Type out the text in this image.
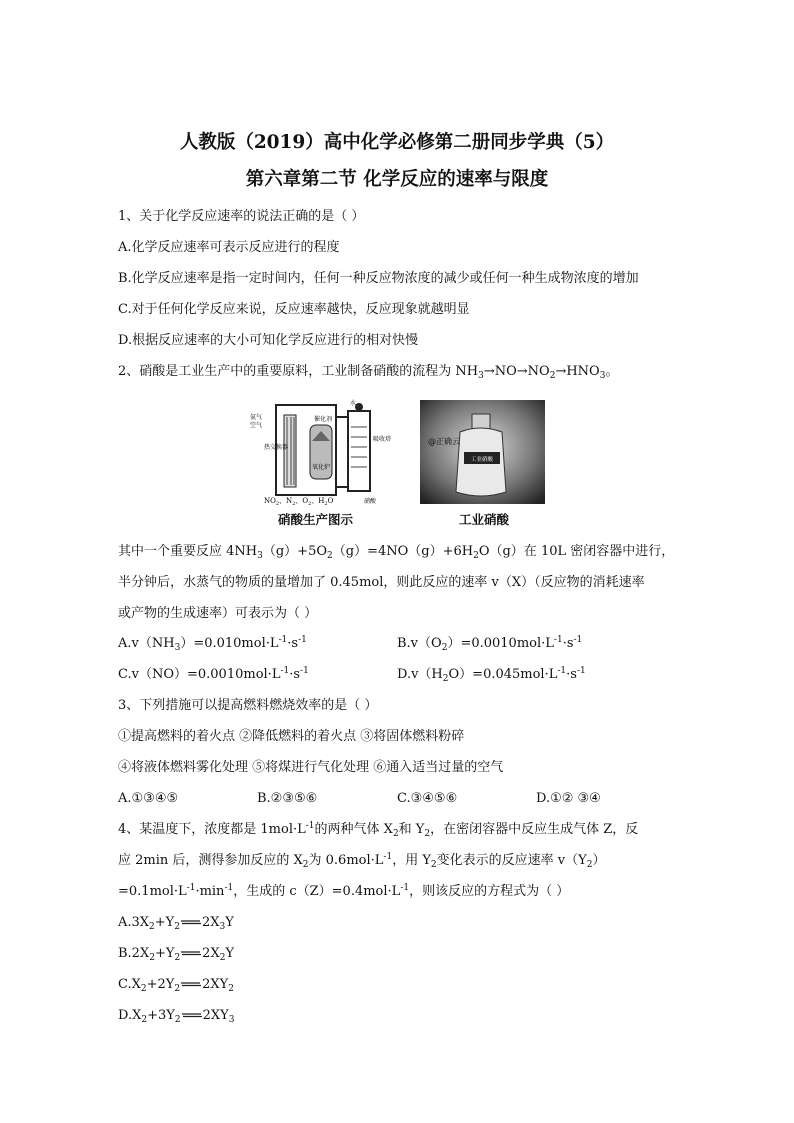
人教版（2019）高中化学必修第二册同步学典（5）
第六章第二节 化学反应的速率与限度
1、关于化学反应速率的说法正确的是（ ）
A.化学反应速率可表示反应进行的程度
B.化学反应速率是指一定时间内，任何一种反应物浓度的减少或任何一种生成物浓度的增加
C.对于任何化学反应来说，反应速率越快，反应现象就越明显
D.根据反应速率的大小可知化学反应进行的相对快慢
2、硝酸是工业生产中的重要原料，工业制备硝酸的流程为 $NH_3\to NO\to NO_2\to HNO_3$。
氨气
空气
热交换器
催化剂
氧化炉
水
吸收塔
$NO_2$、$N_2$、$O_2$、$H_2O$	硝酸
硝酸生产图示
工业硝酸
@正确云
工业硝酸
其中一个重要反应 $4NH_3(g)+5O_2(g)=4NO(g)+6H_2O(g)$在 10L 密闭容器中进行，
半分钟后，水蒸气的物质的量增加了 0.45mol，则此反应的速率 v（X）（反应物的消耗速率
或产物的生成速率）可表示为（ ）
$A.v(NH_3)=0.010mol\cdot L^{-1}\cdot s^{-1}$	$B.v(O_2)=0.0010mol\cdot L^{-1}\cdot s^{-1}$
$C.v(NO)=0.0010mol\cdot L^{-1}\cdot s^{-1}$	$D.v(H_2O)=0.045mol\cdot L^{-1}\cdot s^{-1}$
3、下列措施可以提高燃料燃烧效率的是（ ）
①提高燃料的着火点 ②降低燃料的着火点 ③将固体燃料粉碎
④将液体燃料雾化处理 ⑤将煤进行气化处理 ⑥通入适当过量的空气
A.①③④⑤	B.②③⑤⑥	C.③④⑤⑥	D.①② ③④
4、某温度下，浓度都是 $1mol\cdot L^{-1}$的两种气体 $X_2$和 $Y_2$，在密闭容器中反应生成气体 Z，反
应 2min 后，测得参加反应的 $X_2$为 $0.6mol\cdot L^{-1}$，用 $Y_2$变化表示的反应速率 $v(Y_2)$
$=0.1mol\cdot L^{-1}\cdot\min^{-1}$，生成的 $c(Z)=0.4mol\cdot L^{-1}$，则该反应的方程式为（ ）
$A.3X_2+Y_2$ $2X_3Y$
$B.2X_2+Y_2$ $2X_2Y$
$C.X_2+2Y_2$ $2XY_2$
$D.X_2+3Y_2$ $2XY_3$
